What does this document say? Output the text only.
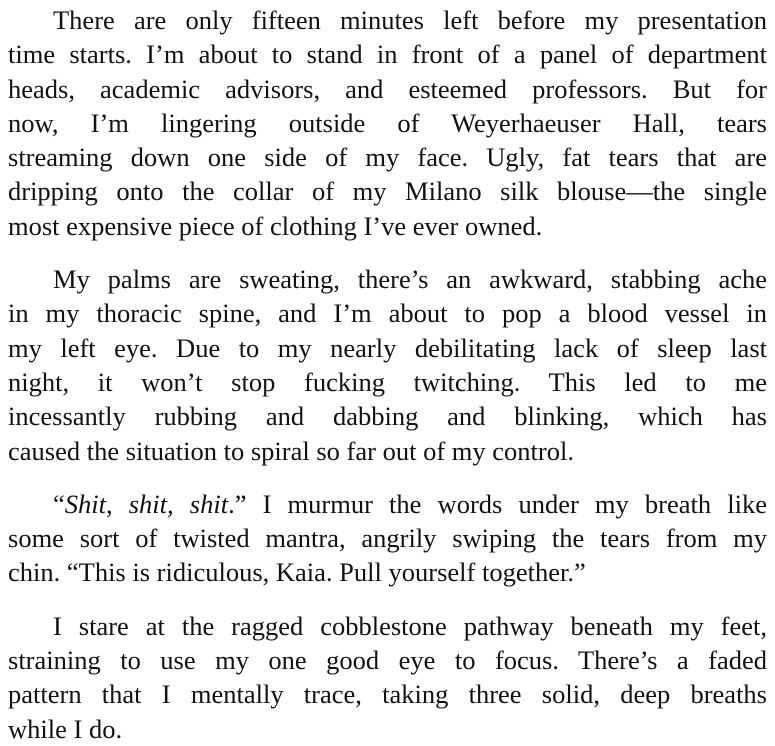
There are only fifteen minutes left before my presentation
time starts. I’m about to stand in front of a panel of department
heads, academic advisors, and esteemed professors. But for
now, I’m lingering outside of Weyerhaeuser Hall, tears
streaming down one side of my face. Ugly, fat tears that are
dripping onto the collar of my Milano silk blouse—the single
most expensive piece of clothing I’ve ever owned.
My palms are sweating, there’s an awkward, stabbing ache
in my thoracic spine, and I’m about to pop a blood vessel in
my left eye. Due to my nearly debilitating lack of sleep last
night, it won’t stop fucking twitching. This led to me
incessantly rubbing and dabbing and blinking, which has
caused the situation to spiral so far out of my control.
“Shit, shit, shit.” I murmur the words under my breath like
some sort of twisted mantra, angrily swiping the tears from my
chin. “This is ridiculous, Kaia. Pull yourself together.”
I stare at the ragged cobblestone pathway beneath my feet,
straining to use my one good eye to focus. There’s a faded
pattern that I mentally trace, taking three solid, deep breaths
while I do.
